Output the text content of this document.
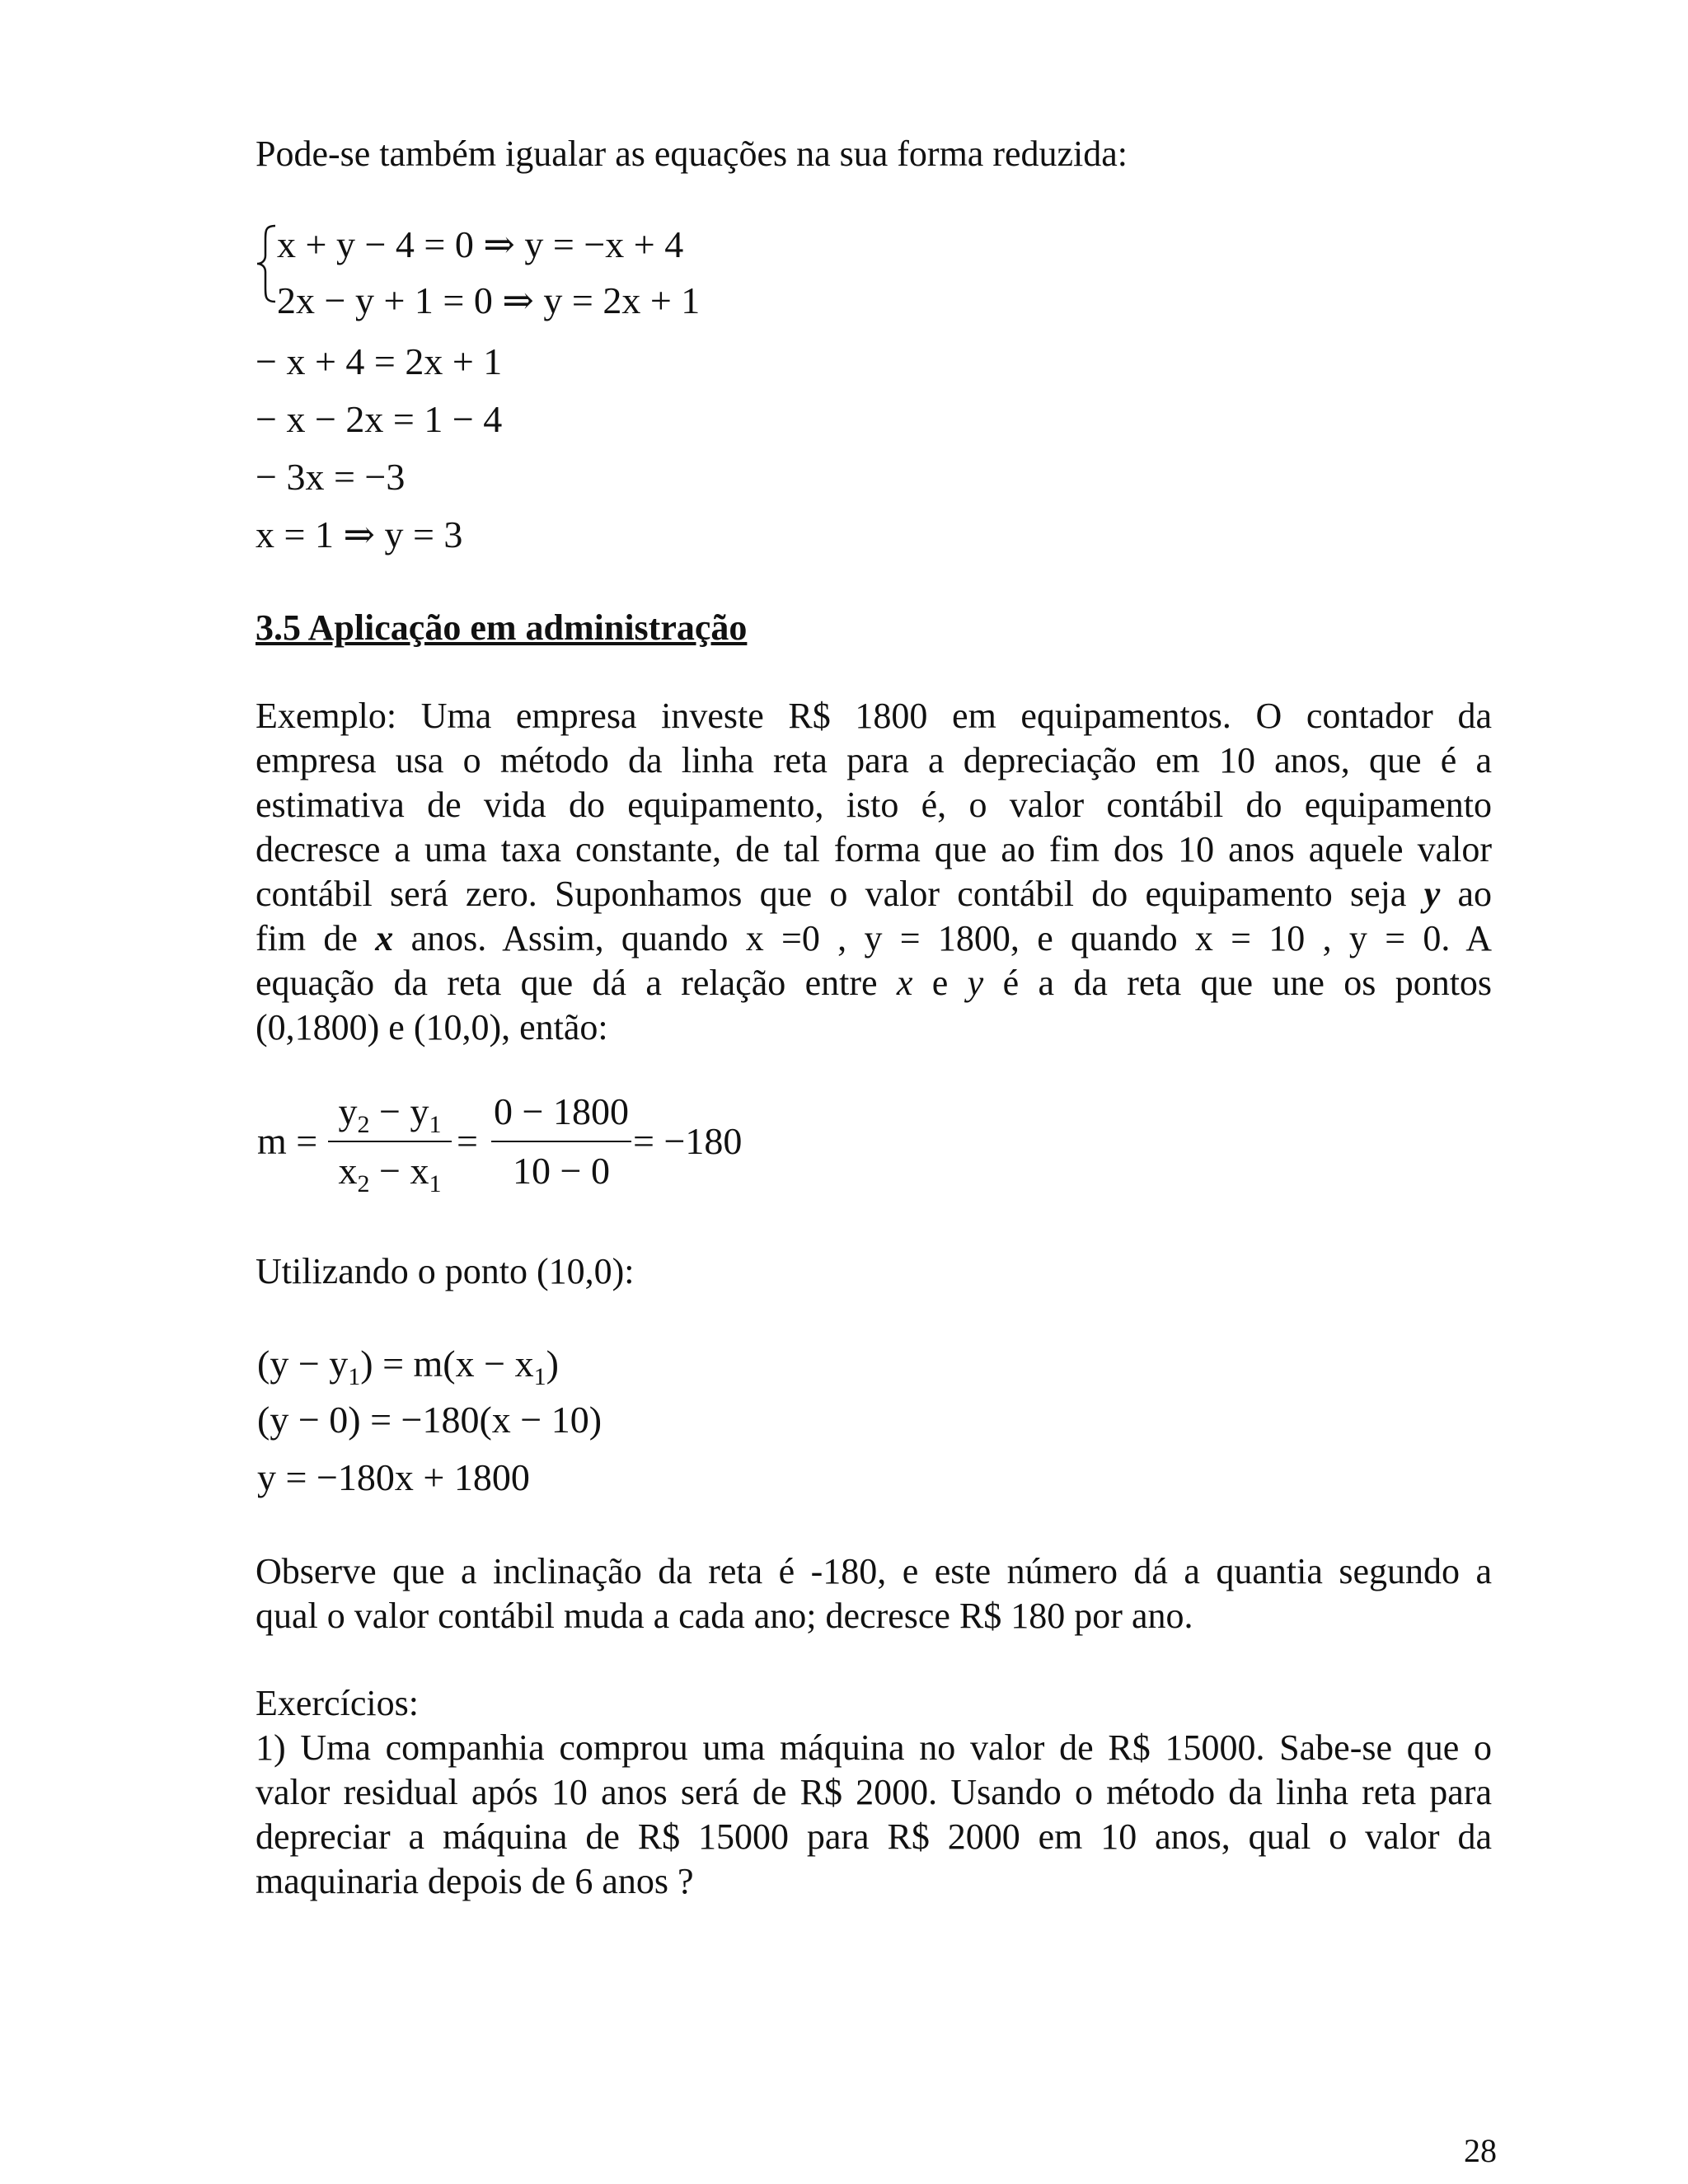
Pode-se também igualar as equações na sua forma reduzida:

x + y − 4 = 0 ⇒ y = −x + 4
2x − y + 1 = 0 ⇒ y = 2x + 1
− x + 4 = 2x + 1
− x − 2x = 1 − 4
− 3x = −3
x = 1 ⇒ y = 3
3.5 Aplicação em administração

Exemplo: Uma empresa investe R$ 1800 em equipamentos. O contador da
empresa usa o método da linha reta para a depreciação em 10 anos, que é a
estimativa de vida do equipamento, isto é, o valor contábil do equipamento
decresce a uma taxa constante, de tal forma que ao fim dos 10 anos aquele valor
contábil será zero. Suponhamos que o valor contábil do equipamento seja y ao
fim de x anos. Assim, quando x =0 , y = 1800, e quando x = 10 , y = 0. A
equação da reta que dá a relação entre x e y é a da reta que une os pontos
(0,1800) e (10,0), então:

m =
$y_2 - y_1$
$x_2 - x_1$
=
0 − 1800
10 − 0
= −180

Utilizando o ponto (10,0):

$(y - y_1) = m(x - x_1)$
(y − 0) = −180(x − 10)
y = −180x + 1800

Observe que a inclinação da reta é -180, e este número dá a quantia segundo a
qual o valor contábil muda a cada ano; decresce R$ 180 por ano.

Exercícios:
1) Uma companhia comprou uma máquina no valor de R$ 15000. Sabe-se que o
valor residual após 10 anos será de R$ 2000. Usando o método da linha reta para
depreciar a máquina de R$ 15000 para R$ 2000 em 10 anos, qual o valor da
maquinaria depois de 6 anos ?

28
